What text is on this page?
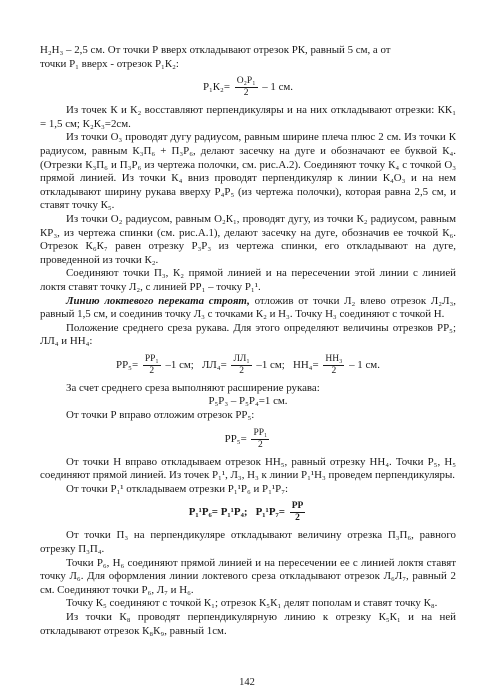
Н₂Н₃ – 2,5 см. От точки Р вверх откладывают отрезок РК, равный 5 см, а от

точки Р₁ вверх - отрезок Р₁К₂:

$Р_1К_2= \frac{\text{О₂Р₁}}{2} - 1$ см.

Из точек К и К₂ восставляют перпендикуляры и на них откладывают отрезки: КК₁ = 1,5 см; К₂К₃=2см.

Из точки О₃ проводят дугу радиусом, равным ширине плеча плюс 2 см. Из точки К радиусом, равным К₃П₆ + П₃Р₆, делают засечку на дуге и обозначают ее буквой К₄. (Отрезки К₃П₆ и П₃Р₆ из чертежа полочки, см. рис.А.2). Соединяют точку К₄ с точкой О₃ прямой линией. Из точки К₄ вниз проводят перпендикуляр к линии К₄О₃ и на нем откладывают ширину рукава вверху Р₄Р₅ (из чертежа полочки), которая равна 2,5 см, и ставят точку К₅.

Из точки О₂ радиусом, равным О₂К₁, проводят дугу, из точки К₂ радиусом, равным КР₃, из чертежа спинки (см. рис.А.1), делают засечку на дуге, обозначив ее точкой К₆. Отрезок К₆К₇ равен отрезку Р₃Р₃ из чертежа спинки, его откладывают на дуге, проведенной из точки К₂.

Соединяют точки П₃, К₂ прямой линией и на пересечении этой линии с линией локтя ставят точку Л₂, с линией РР₁ – точку Р₁¹.

Линию локтевого переката строят, отложив от точки Л₂ влево отрезок Л₂Л₃, равный 1,5 см, и соединив точку Л₃ с точками К₂ и Н₃. Точку Н₃ соединяют с точкой Н.

Положение среднего среза рукава. Для этого определяют величины отрезков РР₅; ЛЛ₄ и НН₄:

$РР_5= \frac{\text{РР₁}}{2} -1$ см; $ЛЛ_4= \frac{\text{ЛЛ₁}}{2} -1$ см; $НН_4= \frac{\text{НН₃}}{2} - 1$ см.

За счет среднего среза выполняют расширение рукава:

Р₅Р₃ – Р₅Р₄=1 см.

От точки Р вправо отложим отрезок РР₅:

$РР_5= \frac{\text{РР₁}}{2}$

От точки Н вправо откладываем отрезок НН₅, равный отрезку НН₄. Точки Р₅, Н₅ соединяют прямой линией. Из точек Р₁¹, Л₃, Н₃ к линии Р₁¹Н₃ проведем перпендикуляры.

От точки Р₁¹ откладываем отрезки Р₁¹Р₆ и Р₁¹Р₇:

Р₁¹Р₆= Р₁¹Р₄; $Р_1^1Р_7= \frac{РР}{2}$

От точки П₃ на перпендикуляре откладывают величину отрезка П₃П₆, равного отрезку П₃П₄.

Точки Р₆, Н₆ соединяют прямой линией и на пересечении ее с линией локтя ставят точку Л₆. Для оформления линии локтевого среза откладывают отрезок Л₆Л₇, равный 2 см. Соединяют точки Р₆, Л₇ и Н₆.

Точку К₅ соединяют с точкой К₁; отрезок К₅К₁ делят пополам и ставят точку К₈.

Из точки К₈ проводят перпендикулярную линию к отрезку К₅К₁ и на ней откладывают отрезок К₈К₉, равный 1см.

142
